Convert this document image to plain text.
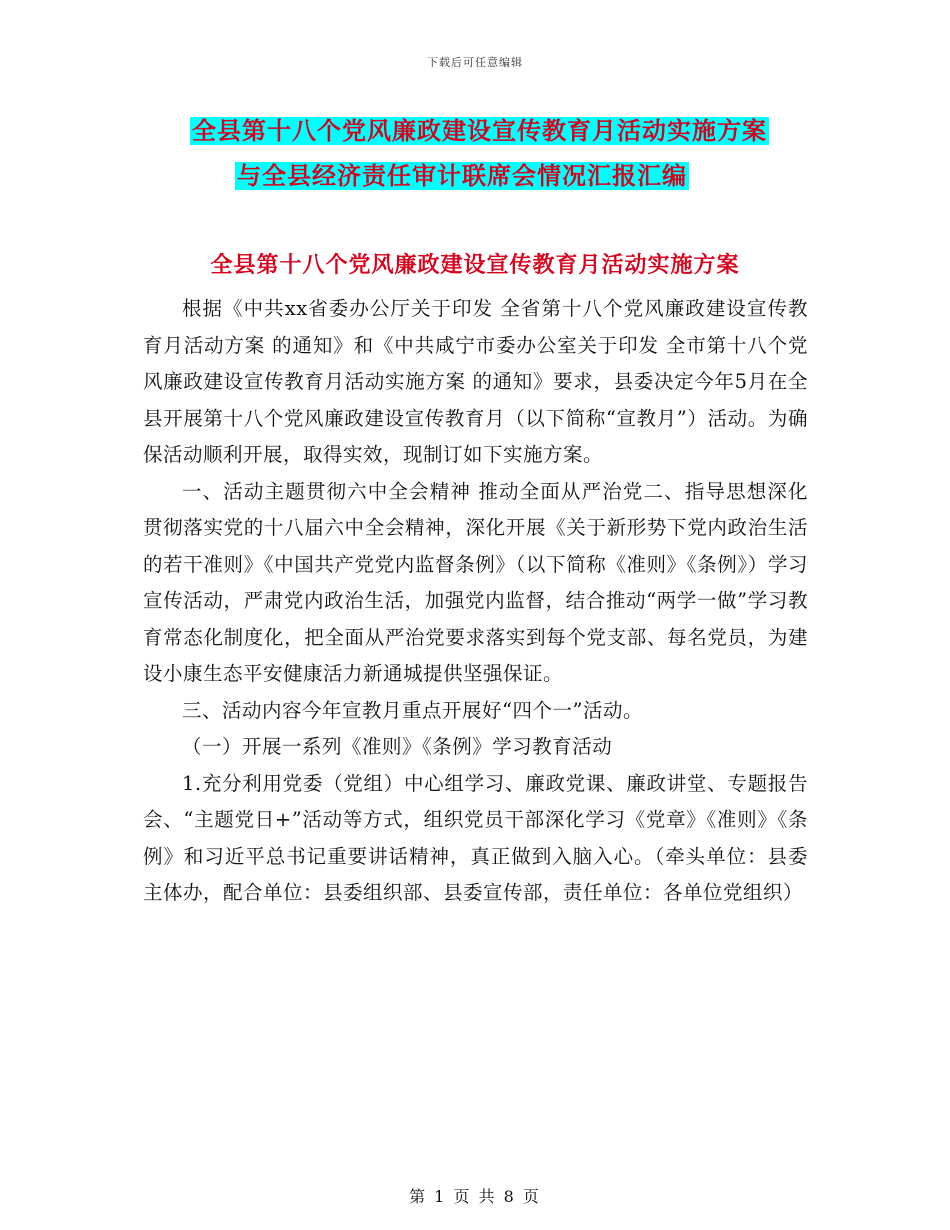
下载后可任意编辑
全县第十八个党风廉政建设宣传教育月活动实施方案
与全县经济责任审计联席会情况汇报汇编
全县第十八个党风廉政建设宣传教育月活动实施方案

根据《中共xx省委办公厅关于印发 全省第十八个党风廉政建设宣传教育月活动方案 的通知》和《中共咸宁市委办公室关于印发 全市第十八个党风廉政建设宣传教育月活动实施方案 的通知》要求，县委决定今年5月在全县开展第十八个党风廉政建设宣传教育月（以下简称“宣教月”）活动。为确保活动顺利开展，取得实效，现制订如下实施方案。

一、活动主题贯彻六中全会精神 推动全面从严治党二、指导思想深化贯彻落实党的十八届六中全会精神，深化开展《关于新形势下党内政治生活的若干准则》《中国共产党党内监督条例》（以下简称《准则》《条例》）学习宣传活动，严肃党内政治生活，加强党内监督，结合推动“两学一做”学习教育常态化制度化，把全面从严治党要求落实到每个党支部、每名党员，为建设小康生态平安健康活力新通城提供坚强保证。

三、活动内容今年宣教月重点开展好“四个一”活动。

（一）开展一系列《准则》《条例》学习教育活动

1.充分利用党委（党组）中心组学习、廉政党课、廉政讲堂、专题报告会、“主题党日+”活动等方式，组织党员干部深化学习《党章》《准则》《条例》和习近平总书记重要讲话精神，真正做到入脑入心。（牵头单位：县委主体办，配合单位：县委组织部、县委宣传部，责任单位：各单位党组织）

第 1 页 共 8 页
